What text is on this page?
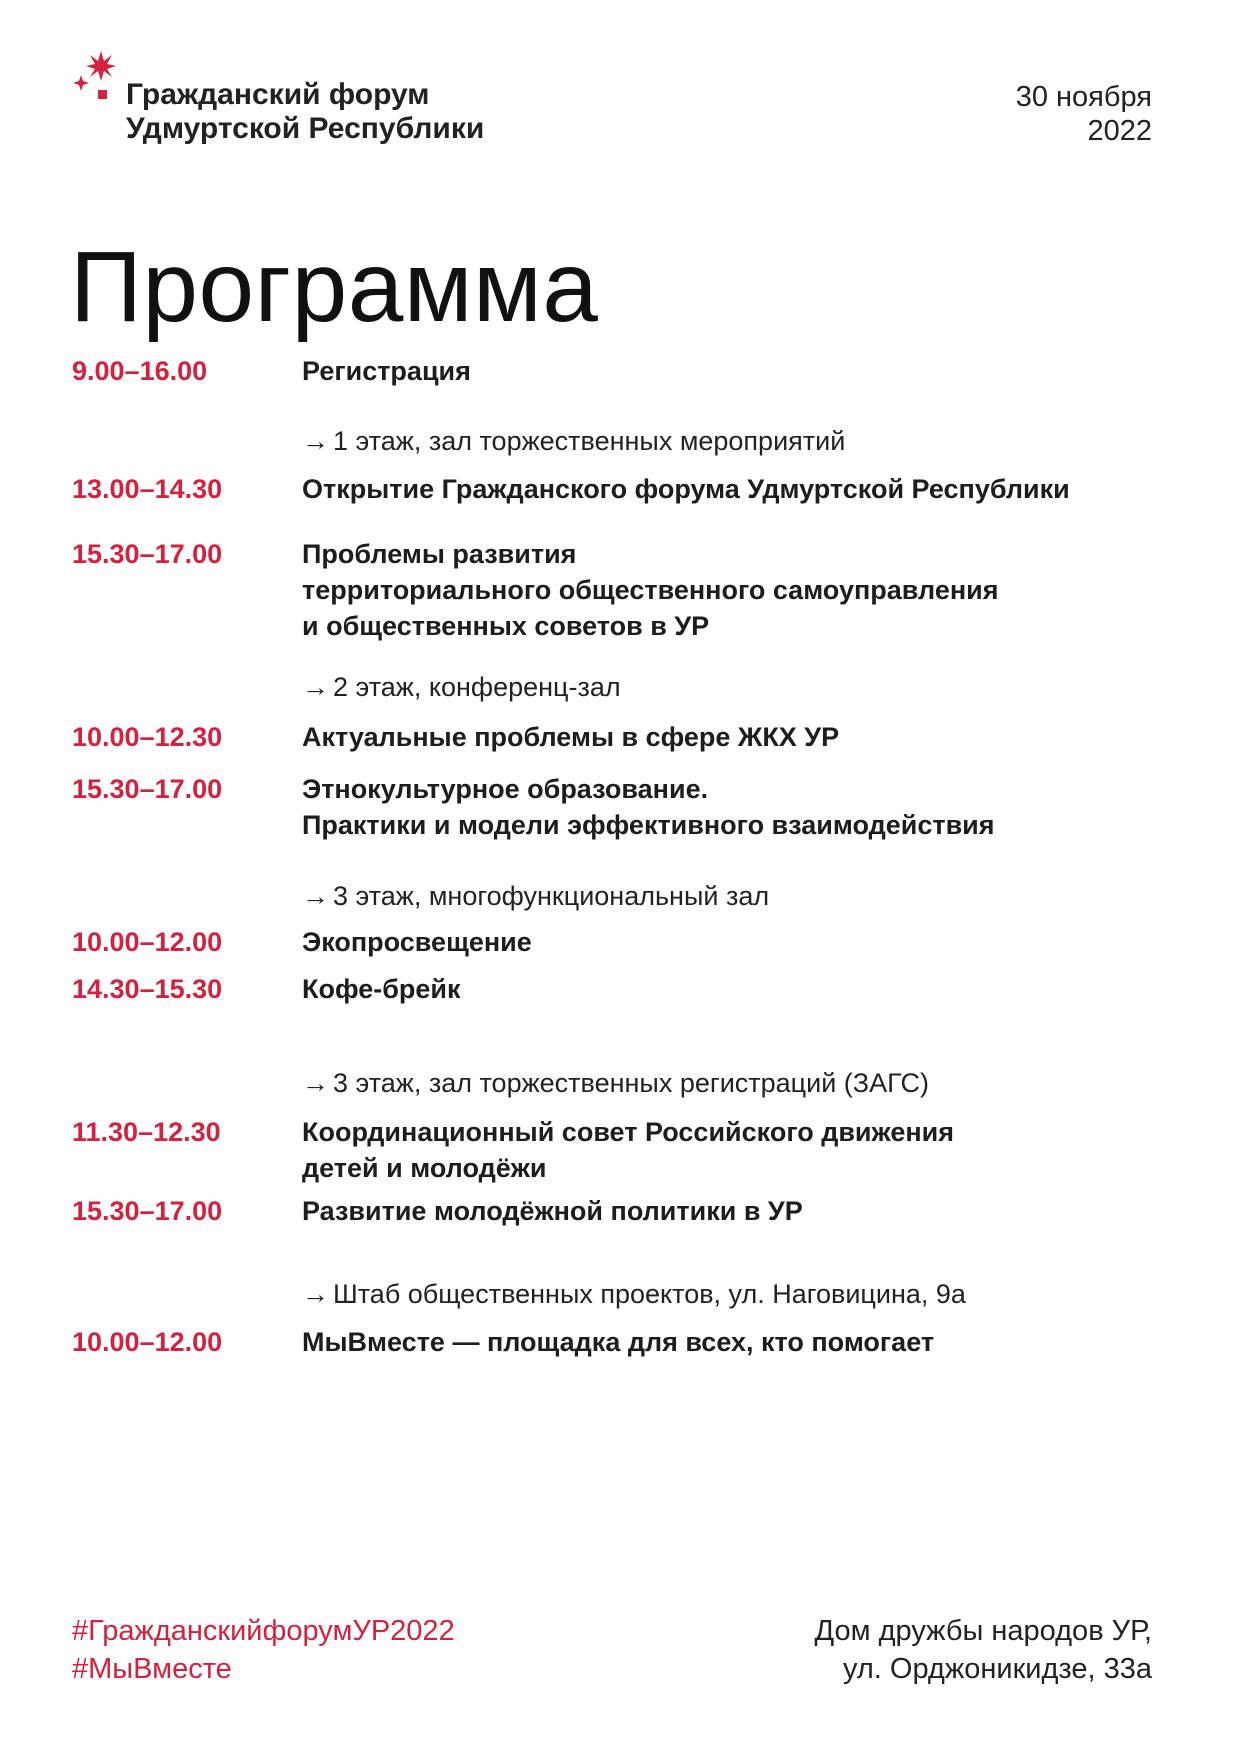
Гражданский форум
Удмуртской Республики
30 ноября
2022
Программа
9.00–16.00	Регистрация
→ 1 этаж, зал торжественных мероприятий
13.00–14.30	Открытие Гражданского форума Удмуртской Республики
15.30–17.00	Проблемы развития
территориального общественного самоуправления
и общественных советов в УР
→ 2 этаж, конференц-зал
10.00–12.30	Актуальные проблемы в сфере ЖКХ УР
15.30–17.00	Этнокультурное образование.
Практики и модели эффективного взаимодействия
→ 3 этаж, многофункциональный зал
10.00–12.00	Экопросвещение
14.30–15.30	Кофе-брейк
→ 3 этаж, зал торжественных регистраций (ЗАГС)
11.30–12.30	Координационный совет Российского движения
детей и молодёжи
15.30–17.00	Развитие молодёжной политики в УР
→ Штаб общественных проектов, ул. Наговицина, 9а
10.00–12.00	МыВместе — площадка для всех, кто помогает
#ГражданскийфорумУР2022
#МыВместе
Дом дружбы народов УР,
ул. Орджоникидзе, 33а
